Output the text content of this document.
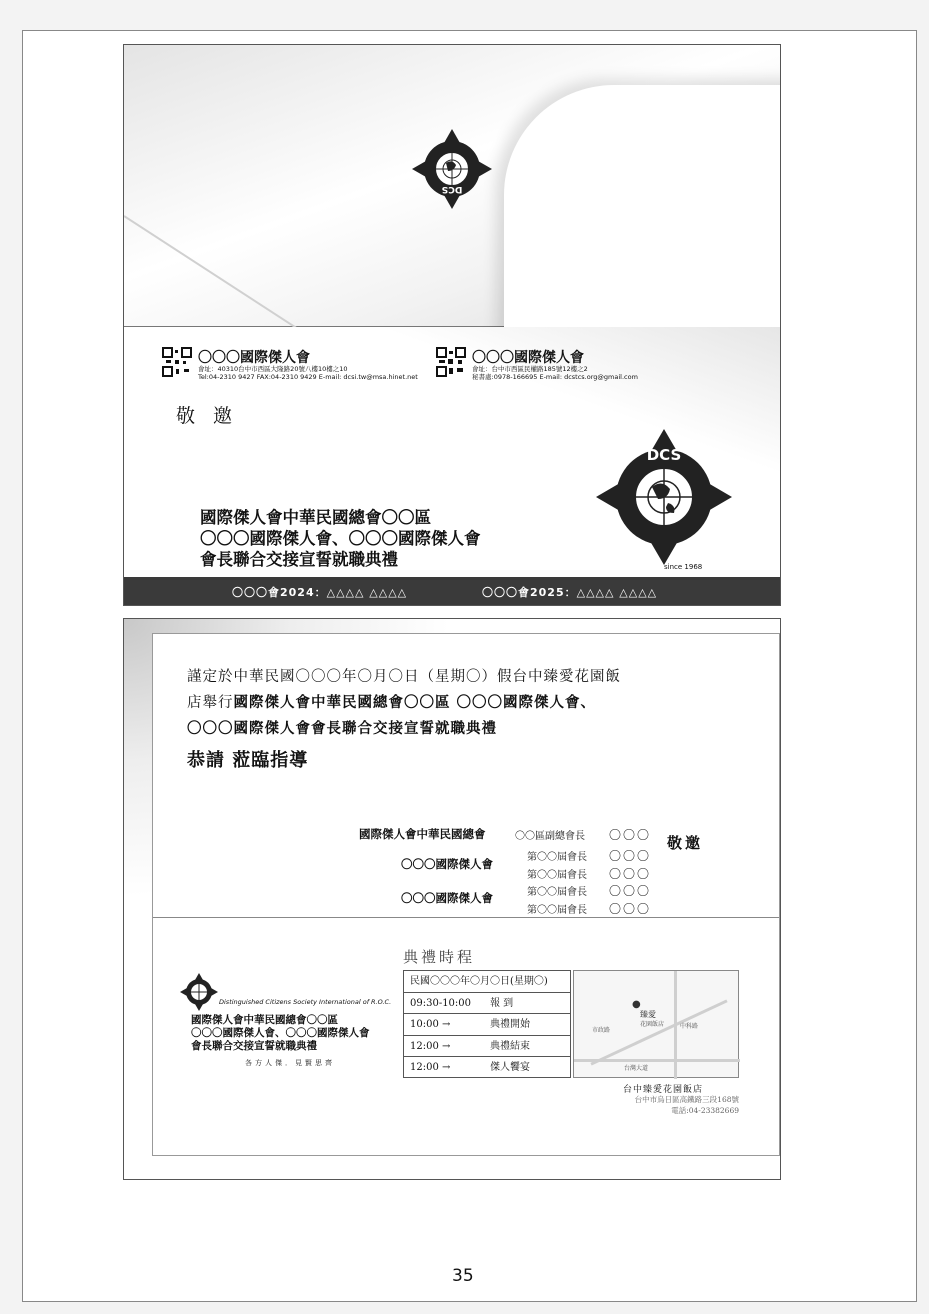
DCS
〇〇〇國際傑人會
會址：40310台中市西區大隆路20號八樓10樓之10
Tel:04-2310 9427 FAX:04-2310 9429 E-mail: dcsi.tw@msa.hinet.net
〇〇〇國際傑人會
會址：台中市西區民權路185號12樓之2
秘書處:0978-166695 E-mail: dcstcs.org@gmail.com
敬 邀
國際傑人會中華民國總會〇〇區
〇〇〇國際傑人會、〇〇〇國際傑人會
會長聯合交接宣誓就職典禮
DCS
since 1968
〇〇〇會2024：△△△△ △△△△	〇〇〇會2025：△△△△ △△△△
謹定於中華民國〇〇〇年〇月〇日（星期〇）假台中臻愛花園飯
店舉行國際傑人會中華民國總會〇〇區 〇〇〇國際傑人會、
〇〇〇國際傑人會會長聯合交接宣誓就職典禮
恭請 蒞臨指導
國際傑人會中華民國總會	〇〇區副總會長 〇〇〇
〇〇〇國際傑人會	第〇〇屆會長 〇〇〇
第〇〇屆會長 〇〇〇
〇〇〇國際傑人會	第〇〇屆會長 〇〇〇
第〇〇屆會長 〇〇〇
敬邀
Distinguished Citizens Society International of R.O.C.
國際傑人會中華民國總會〇〇區
〇〇〇國際傑人會、〇〇〇國際傑人會
會長聯合交接宣誓就職典禮
各方人傑．見賢思齊
典禮時程
民國〇〇〇年〇月〇日(星期〇)
09:30-10:00 報 到
10:00 →	典禮開始
12:00 →	典禮結束
12:00 →	傑人饗宴
●
臻愛
花園飯店
市政路
中科路
台灣大道
台中臻愛花園飯店
台中市烏日區高鐵路三段168號
電話:04-23382669
35
